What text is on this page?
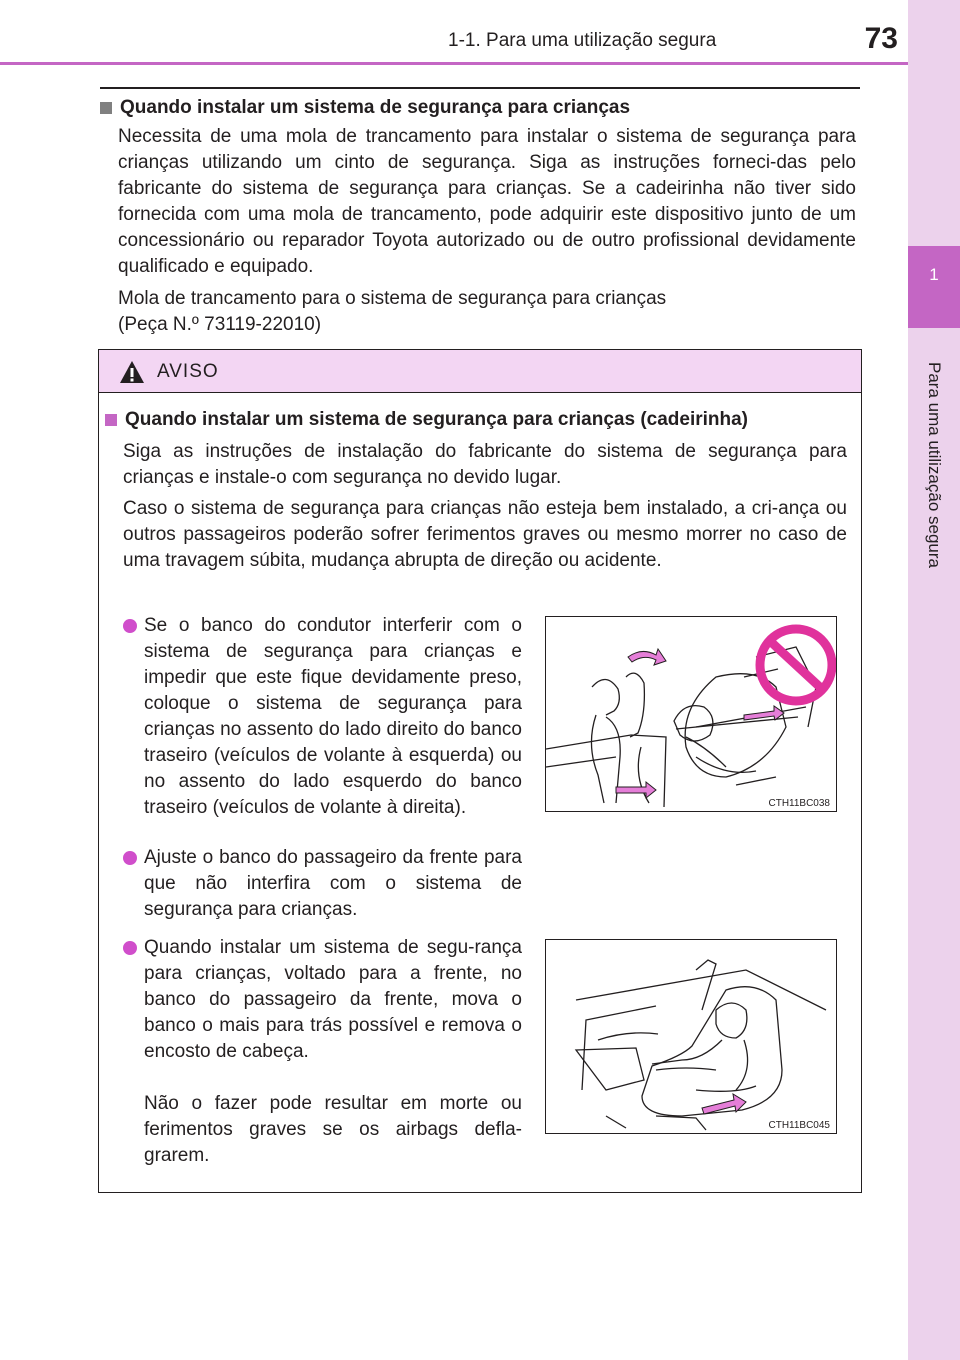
1-1. Para uma utilização segura	73
1
Para uma utilização segura
Quando instalar um sistema de segurança para crianças
Necessita de uma mola de trancamento para instalar o sistema de segurança para crianças utilizando um cinto de segurança. Siga as instruções forneci-das pelo fabricante do sistema de segurança para crianças. Se a cadeirinha não tiver sido fornecida com uma mola de trancamento, pode adquirir este dispositivo junto de um concessionário ou reparador Toyota autorizado ou de outro profissional devidamente qualificado e equipado.
Mola de trancamento para o sistema de segurança para crianças
(Peça N.º 73119-22010)
AVISO
Quando instalar um sistema de segurança para crianças (cadeirinha)
Siga as instruções de instalação do fabricante do sistema de segurança para crianças e instale-o com segurança no devido lugar.
Caso o sistema de segurança para crianças não esteja bem instalado, a cri-ança ou outros passageiros poderão sofrer ferimentos graves ou mesmo morrer no caso de uma travagem súbita, mudança abrupta de direção ou acidente.
Se o banco do condutor interferir com o sistema de segurança para crianças e impedir que este fique devidamente preso, coloque o sistema de segurança para crianças no assento do lado direito do banco traseiro (veículos de volante à esquerda) ou no assento do lado esquerdo do banco traseiro (veículos de volante à direita).
Ajuste o banco do passageiro da frente para que não interfira com o sistema de segurança para crianças.
Quando instalar um sistema de segu-rança para crianças, voltado para a frente, no banco do passageiro da frente, mova o banco o mais para trás possível e remova o encosto de cabeça.
Não o fazer pode resultar em morte ou ferimentos graves se os airbags defla-grarem.
CTH11BC038
CTH11BC045
